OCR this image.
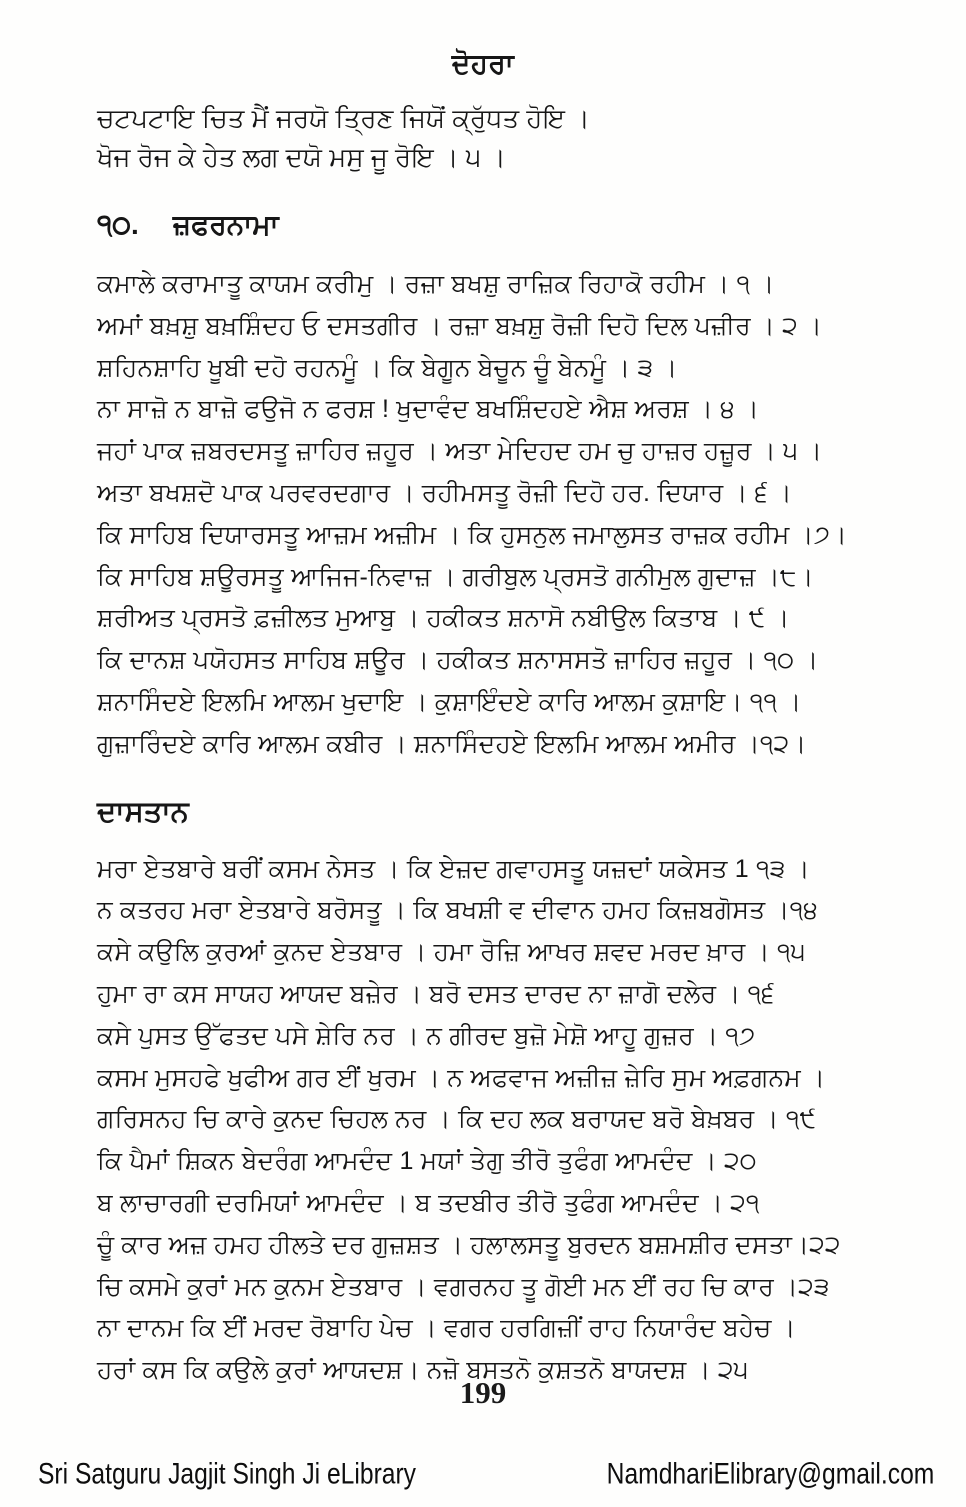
ਦੋਹਰਾ
ਚਟਪਟਾਇ ਚਿਤ ਮੈਂ ਜਰਯੋ ਤ੍ਰਿਣ ਜਿਯੋਂ ਕ੍ਰੁੱਧਤ ਹੋਇ ।
ਖੋਜ ਰੋਜ ਕੇ ਹੇਤ ਲਗ ਦਯੋ ਮਸੁ ਜੂ ਰੋਇ । ੫ ।
੧੦. ਜ਼ਫਰਨਾਮਾ
ਕਮਾਲੇ ਕਰਾਮਾਤੂ ਕਾਯਮ ਕਰੀਮੁ । ਰਜ਼ਾ ਬਖਸ਼ੁ ਰਾਜ਼ਿਕ ਰਿਹਾਕੋ ਰਹੀਮ । ੧ ।
ਅਮਾਂ ਬਖ਼ਸ਼ੁ ਬਖ਼ਸ਼ਿੰਦਹ ਓ ਦਸਤਗੀਰ । ਰਜ਼ਾ ਬਖ਼ਸ਼ੁ ਰੋਜ਼ੀ ਦਿਹੋ ਦਿਲ ਪਜ਼ੀਰ । ੨ ।
ਸ਼ਹਿਨਸ਼ਾਹਿ ਖੂਬੀ ਦਹੋ ਰਹਨਮੂੰ । ਕਿ ਬੇਗੂਨ ਬੇਚੂਨ ਚੂੰ ਬੇਨਮੂੰ । ੩ ।
ਨਾ ਸਾਜ਼ੋ ਨ ਬਾਜ਼ੋ ਫਉਜੋ ਨ ਫਰਸ਼ ! ਖੁਦਾਵੰਦ ਬਖਸ਼ਿੰਦਹਏ ਐਸ਼ ਅਰਸ਼ । ੪ ।
ਜਹਾਂ ਪਾਕ ਜ਼ਬਰਦਸਤੂ ਜ਼ਾਹਿਰ ਜ਼ਹੂਰ । ਅਤਾ ਮੇਦਿਹਦ ਹਮ ਚੁ ਹਾਜ਼ਰ ਹਜ਼ੂਰ । ੫ ।
ਅਤਾ ਬਖਸ਼ਦੋ ਪਾਕ ਪਰਵਰਦਗਾਰ । ਰਹੀਮਸਤੂ ਰੋਜ਼ੀ ਦਿਹੋ ਹਰ. ਦਿਯਾਰ । ੬ ।
ਕਿ ਸਾਹਿਬ ਦਿਯਾਰਸਤੂ ਆਜ਼ਮ ਅਜ਼ੀਮ । ਕਿ ਹੁਸਨੁਲ ਜਮਾਲੁਸਤ ਰਾਜ਼ਕ ਰਹੀਮ ।੭।
ਕਿ ਸਾਹਿਬ ਸ਼ਊਰਸਤੂ ਆਜਿਜ-ਨਿਵਾਜ਼ । ਗਰੀਬੁਲ ਪ੍ਰਸਤੋ ਗਨੀਮੁਲ ਗੁਦਾਜ਼ ।੮।
ਸ਼ਰੀਅਤ ਪ੍ਰਸਤੋ ਫ਼ਜ਼ੀਲਤ ਮੁਆਬੁ । ਹਕੀਕਤ ਸ਼ਨਾਸੋ ਨਬੀਉਲ ਕਿਤਾਬ । ੯ ।
ਕਿ ਦਾਨਸ਼ ਪਯੋਹਸਤ ਸਾਹਿਬ ਸ਼ਊਰ । ਹਕੀਕਤ ਸ਼ਨਾਸਸਤੋ ਜ਼ਾਹਿਰ ਜ਼ਹੂਰ । ੧੦ ।
ਸ਼ਨਾਸਿੰਦਏ ਇਲਮਿ ਆਲਮ ਖੁਦਾਇ । ਕੁਸ਼ਾਇੰਦਏ ਕਾਰਿ ਆਲਮ ਕੁਸ਼ਾਇ। ੧੧ ।
ਗੁਜ਼ਾਰਿੰਦਏ ਕਾਰਿ ਆਲਮ ਕਬੀਰ । ਸ਼ਨਾਸਿੰਦਹਏ ਇਲਮਿ ਆਲਮ ਅਮੀਰ ।੧੨।
ਦਾਸਤਾਨ
ਮਰਾ ਏਤਬਾਰੇ ਬਰੀਂ ਕਸਮ ਨੇਸਤ । ਕਿ ਏਜ਼ਦ ਗਵਾਹਸਤੂ ਯਜ਼ਦਾਂ ਯਕੇਸਤ 1 ੧੩ ।
ਨ ਕਤਰਹ ਮਰਾ ਏਤਬਾਰੇ ਬਰੋਸਤੂ । ਕਿ ਬਖਸ਼ੀ ਵ ਦੀਵਾਨ ਹਮਹ ਕਿਜ਼ਬਗੋਸਤ ।੧੪
ਕਸੇ ਕਉਲਿ ਕੁਰਆਂ ਕੁਨਦ ਏਤਬਾਰ । ਹਮਾ ਰੋਜ਼ਿ ਆਖਰ ਸ਼ਵਦ ਮਰਦ ਖ਼ਾਰ । ੧੫
ਹੁਮਾ ਰਾ ਕਸ ਸਾਯਹ ਆਯਦ ਬਜ਼ੇਰ । ਬਰੋ ਦਸਤ ਦਾਰਦ ਨਾ ਜ਼ਾਗੋ ਦਲੇਰ । ੧੬
ਕਸੇ ਪੁਸਤ ਉੱਫਤਦ ਪਸੇ ਸ਼ੇਰਿ ਨਰ । ਨ ਗੀਰਦ ਬੁਜ਼ੋ ਮੇਸ਼ੋ ਆਹੂ ਗੁਜ਼ਰ । ੧੭
ਕਸਮ ਮੁਸਹਫੇ ਖੁਫੀਅ ਗਰ ਈਂ ਖੁਰਮ । ਨ ਅਫਵਾਜ ਅਜ਼ੀਜ਼ ਜ਼ੇਰਿ ਸੁਮ ਅਫ਼ਗਨਮ ।
ਗਰਿਸਨਹ ਚਿ ਕਾਰੇ ਕੁਨਦ ਚਿਹਲ ਨਰ । ਕਿ ਦਹ ਲਕ ਬਰਾਯਦ ਬਰੋ ਬੇਖ਼ਬਰ । ੧੯
ਕਿ ਪੈਮਾਂ ਸ਼ਿਕਨ ਬੇਦਰੰਗ ਆਮਦੰਦ 1 ਮਯਾਂ ਤੇਗੁ ਤੀਰੋ ਤੁਫੰਗ ਆਮਦੰਦ । ੨੦
ਬ ਲਾਚਾਰਗੀ ਦਰਮਿਯਾਂ ਆਮਦੰਦ । ਬ ਤਦਬੀਰ ਤੀਰੋ ਤੁਫੰਗ ਆਮਦੰਦ । ੨੧
ਚੂੰ ਕਾਰ ਅਜ਼ ਹਮਹ ਹੀਲਤੇ ਦਰ ਗੁਜ਼ਸ਼ਤ । ਹਲਾਲਸਤੂ ਬੁਰਦਨ ਬਸ਼ਮਸ਼ੀਰ ਦਸਤਾ।੨੨
ਚਿ ਕਸਮੇ ਕੁਰਾਂ ਮਨ ਕੁਨਮ ਏਤਬਾਰ । ਵਗਰਨਹ ਤੂ ਗੋਈ ਮਨ ਈਂ ਰਹ ਚਿ ਕਾਰ ।੨੩
ਨਾ ਦਾਨਮ ਕਿ ਈਂ ਮਰਦ ਰੋਬਾਹਿ ਪੇਚ । ਵਗਰ ਹਰਗਿਜ਼ੀਂ ਰਾਹ ਨਿਯਾਰੰਦ ਬਹੇਚ ।
ਹਰਾਂ ਕਸ ਕਿ ਕਉਲੇ ਕੁਰਾਂ ਆਯਦਸ਼। ਨਜ਼ੋ ਬਸਤਨੋ ਕੁਸ਼ਤਨੋ ਬਾਯਦਸ਼ । ੨੫
199
Sri Satguru Jagjit Singh Ji eLibrary	NamdhariElibrary@gmail.com
